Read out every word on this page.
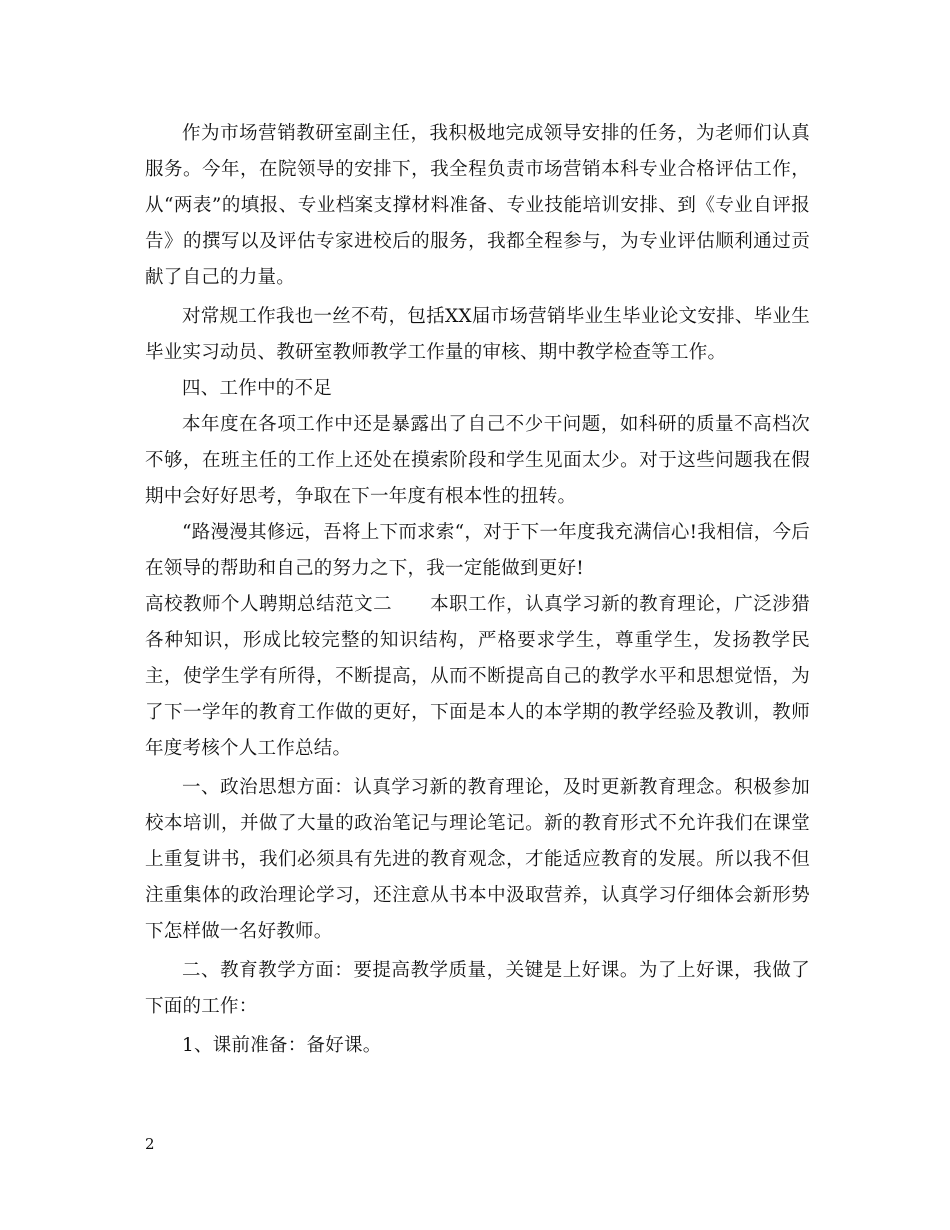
作为市场营销教研室副主任，我积极地完成领导安排的任务，为老师们认真服务。今年，在院领导的安排下，我全程负责市场营销本科专业合格评估工作，从“两表”的填报、专业档案支撑材料准备、专业技能培训安排、到《专业自评报告》的撰写以及评估专家进校后的服务，我都全程参与，为专业评估顺利通过贡献了自己的力量。

对常规工作我也一丝不苟，包括XX届市场营销毕业生毕业论文安排、毕业生毕业实习动员、教研室教师教学工作量的审核、期中教学检查等工作。

四、工作中的不足

本年度在各项工作中还是暴露出了自己不少干问题，如科研的质量不高档次不够，在班主任的工作上还处在摸索阶段和学生见面太少。对于这些问题我在假期中会好好思考，争取在下一年度有根本性的扭转。

“路漫漫其修远，吾将上下而求索“，对于下一年度我充满信心!我相信，今后在领导的帮助和自己的努力之下，我一定能做到更好!

高校教师个人聘期总结范文二　　本职工作，认真学习新的教育理论，广泛涉猎各种知识，形成比较完整的知识结构，严格要求学生，尊重学生，发扬教学民主，使学生学有所得，不断提高，从而不断提高自己的教学水平和思想觉悟，为了下一学年的教育工作做的更好，下面是本人的本学期的教学经验及教训，教师年度考核个人工作总结。

一、政治思想方面：认真学习新的教育理论，及时更新教育理念。积极参加校本培训，并做了大量的政治笔记与理论笔记。新的教育形式不允许我们在课堂上重复讲书，我们必须具有先进的教育观念，才能适应教育的发展。所以我不但注重集体的政治理论学习，还注意从书本中汲取营养，认真学习仔细体会新形势下怎样做一名好教师。

二、教育教学方面：要提高教学质量，关键是上好课。为了上好课，我做了下面的工作：

1、课前准备：备好课。

2
